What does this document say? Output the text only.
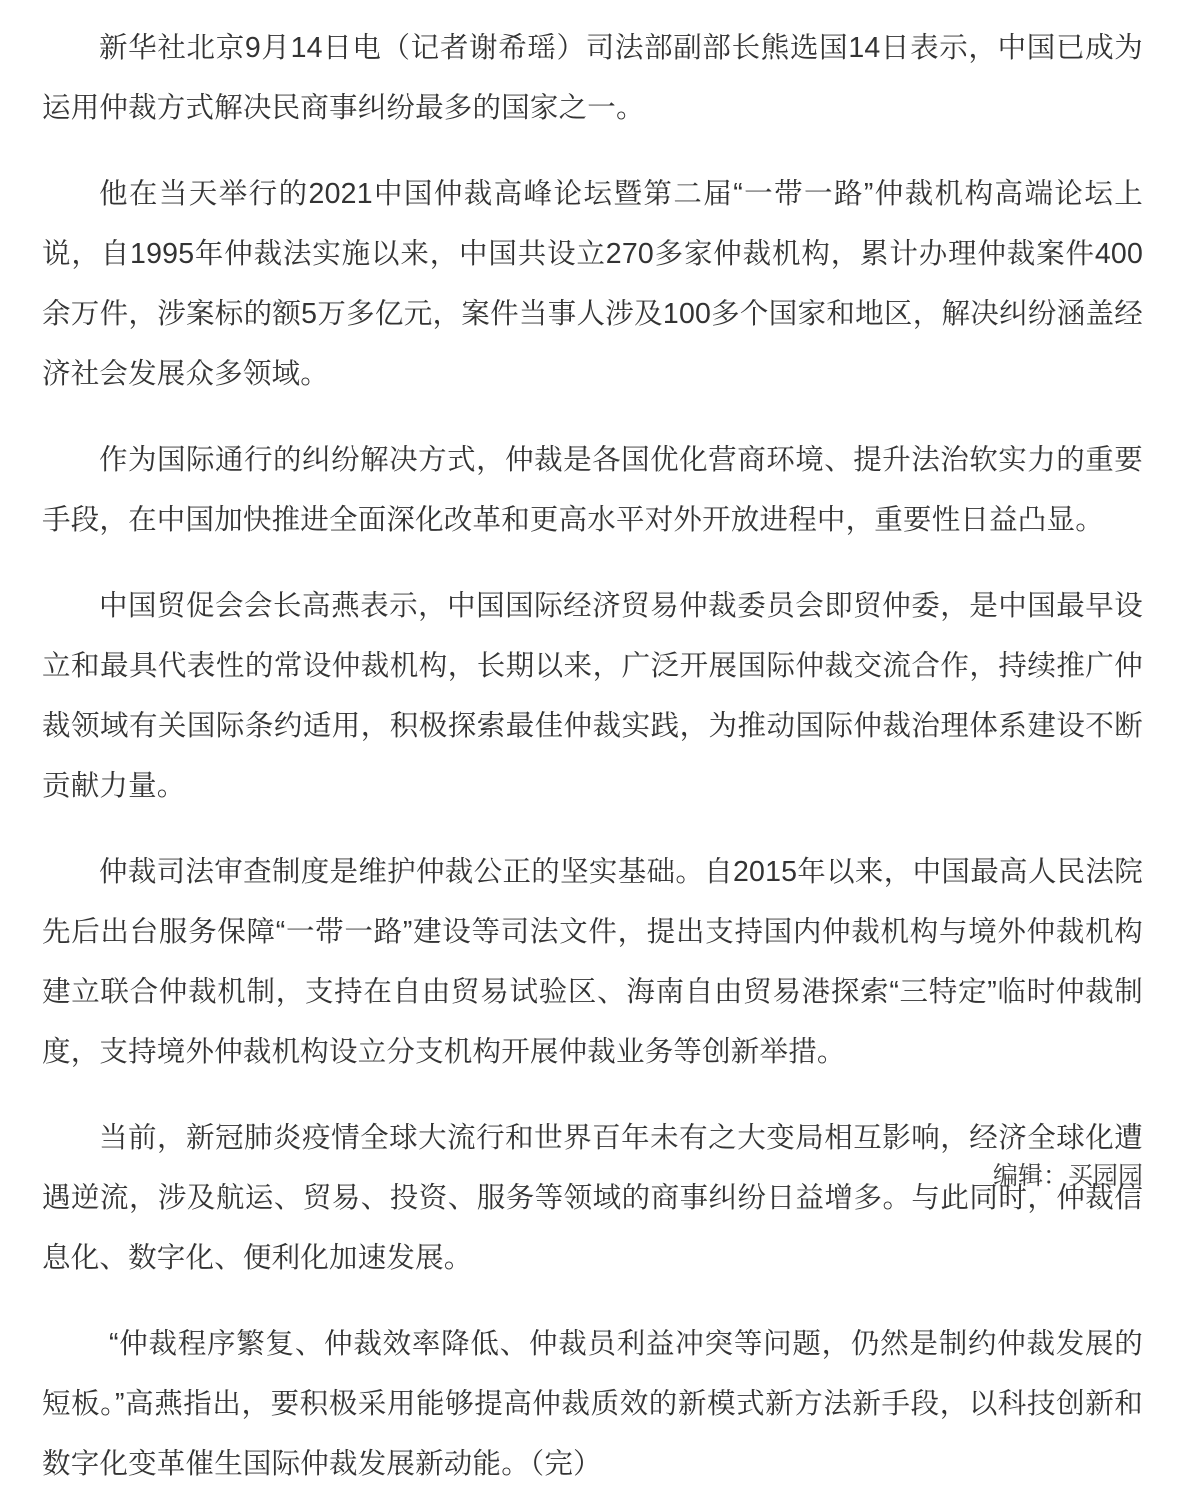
新华社北京9月14日电（记者谢希瑶）司法部副部长熊选国14日表示，中国已成为运用仲裁方式解决民商事纠纷最多的国家之一。

他在当天举行的2021中国仲裁高峰论坛暨第二届“一带一路”仲裁机构高端论坛上说，自1995年仲裁法实施以来，中国共设立270多家仲裁机构，累计办理仲裁案件400余万件，涉案标的额5万多亿元，案件当事人涉及100多个国家和地区，解决纠纷涵盖经济社会发展众多领域。

作为国际通行的纠纷解决方式，仲裁是各国优化营商环境、提升法治软实力的重要手段，在中国加快推进全面深化改革和更高水平对外开放进程中，重要性日益凸显。

中国贸促会会长高燕表示，中国国际经济贸易仲裁委员会即贸仲委，是中国最早设立和最具代表性的常设仲裁机构，长期以来，广泛开展国际仲裁交流合作，持续推广仲裁领域有关国际条约适用，积极探索最佳仲裁实践，为推动国际仲裁治理体系建设不断贡献力量。

仲裁司法审查制度是维护仲裁公正的坚实基础。自2015年以来，中国最高人民法院先后出台服务保障“一带一路”建设等司法文件，提出支持国内仲裁机构与境外仲裁机构建立联合仲裁机制，支持在自由贸易试验区、海南自由贸易港探索“三特定”临时仲裁制度，支持境外仲裁机构设立分支机构开展仲裁业务等创新举措。

当前，新冠肺炎疫情全球大流行和世界百年未有之大变局相互影响，经济全球化遭遇逆流，涉及航运、贸易、投资、服务等领域的商事纠纷日益增多。与此同时，仲裁信息化、数字化、便利化加速发展。

“仲裁程序繁复、仲裁效率降低、仲裁员利益冲突等问题，仍然是制约仲裁发展的短板。”高燕指出，要积极采用能够提高仲裁质效的新模式新方法新手段，以科技创新和数字化变革催生国际仲裁发展新动能。（完）

编辑：买园园
